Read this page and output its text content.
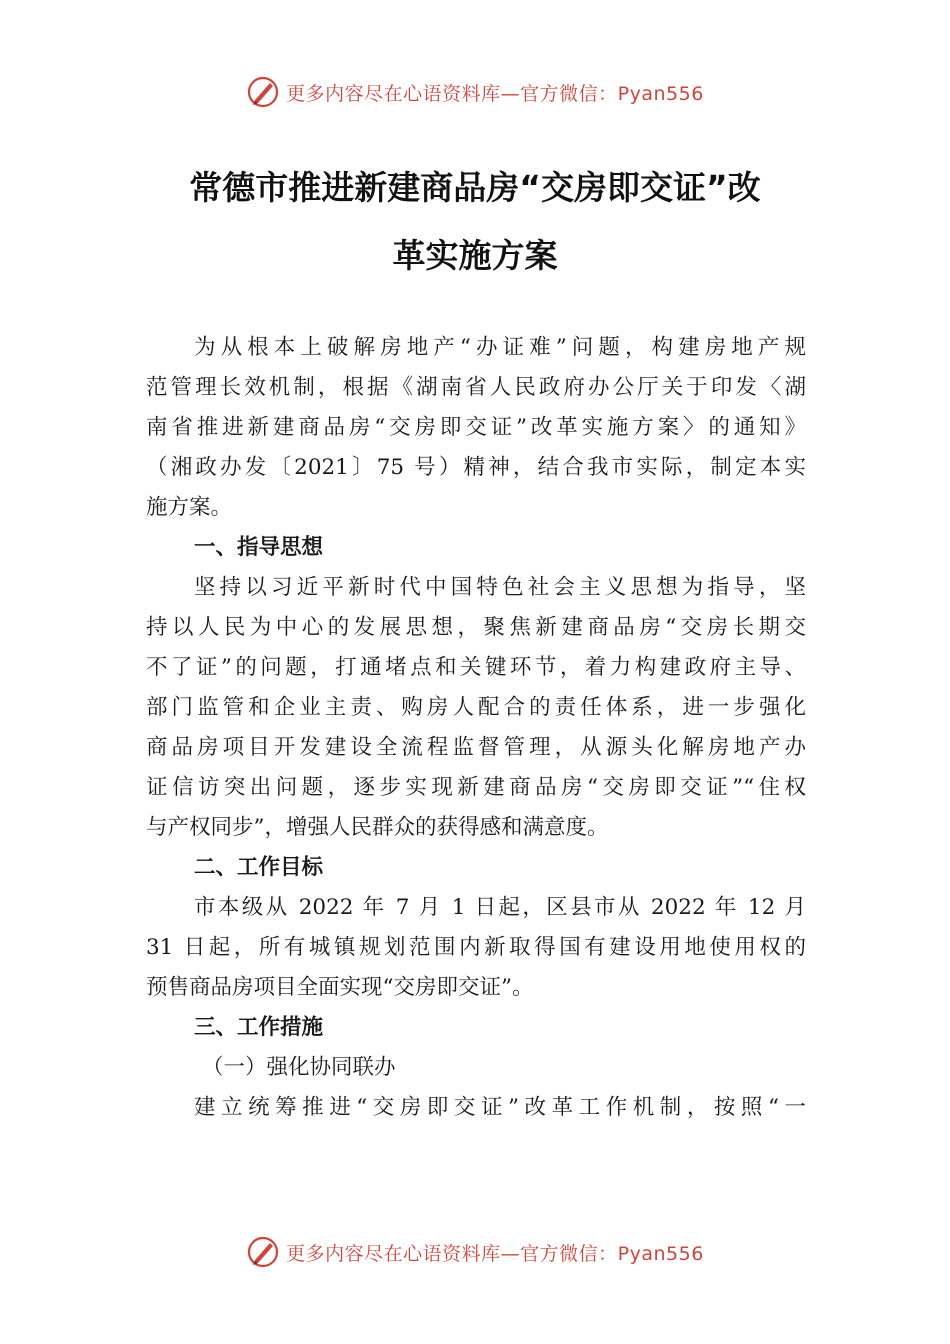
更多内容尽在心语资料库—官方微信：Pyan556
常德市推进新建商品房“交房即交证”改
革实施方案
为从根本上破解房地产“办证难”问题，构建房地产规
范管理长效机制，根据《湖南省人民政府办公厅关于印发〈湖
南省推进新建商品房“交房即交证”改革实施方案〉的通知》
（湘政办发〔2021〕75 号）精神，结合我市实际，制定本实
施方案。
一、指导思想
坚持以习近平新时代中国特色社会主义思想为指导，坚
持以人民为中心的发展思想，聚焦新建商品房“交房长期交
不了证”的问题，打通堵点和关键环节，着力构建政府主导、
部门监管和企业主责、购房人配合的责任体系，进一步强化
商品房项目开发建设全流程监督管理，从源头化解房地产办
证信访突出问题，逐步实现新建商品房“交房即交证”“住权
与产权同步”，增强人民群众的获得感和满意度。
二、工作目标
市本级从 2022 年 7 月 1 日起，区县市从 2022 年 12 月
31 日起，所有城镇规划范围内新取得国有建设用地使用权的
预售商品房项目全面实现“交房即交证”。
三、工作措施
（一）强化协同联办
建立统筹推进“交房即交证”改革工作机制，按照“一
更多内容尽在心语资料库—官方微信：Pyan556
